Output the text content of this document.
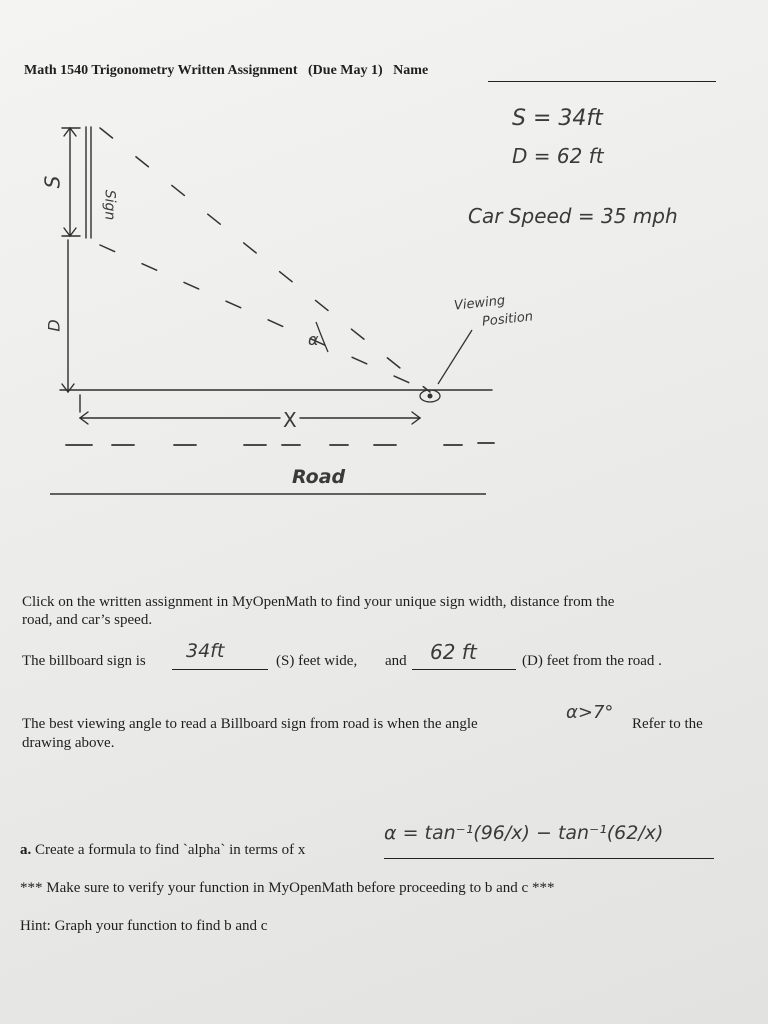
Math 1540 Trigonometry Written Assignment (Due May 1) Name
S
D
Sign
X
α
Viewing
Position
Road
S = 34ft
D = 62 ft
Car Speed = 35 mph
Click on the written assignment in MyOpenMath to find your unique sign width, distance from the
road, and car’s speed.
The billboard sign is 34ft	(S) feet wide, and 62 ft	(D) feet from the road .
The best viewing angle to read a Billboard sign from road is when the angle
drawing above.
α>7°
Refer to the
a. Create a formula to find `alpha` in terms of x
α = tan⁻¹(96/x) − tan⁻¹(62/x)
*** Make sure to verify your function in MyOpenMath before proceeding to b and c ***
Hint: Graph your function to find b and c
